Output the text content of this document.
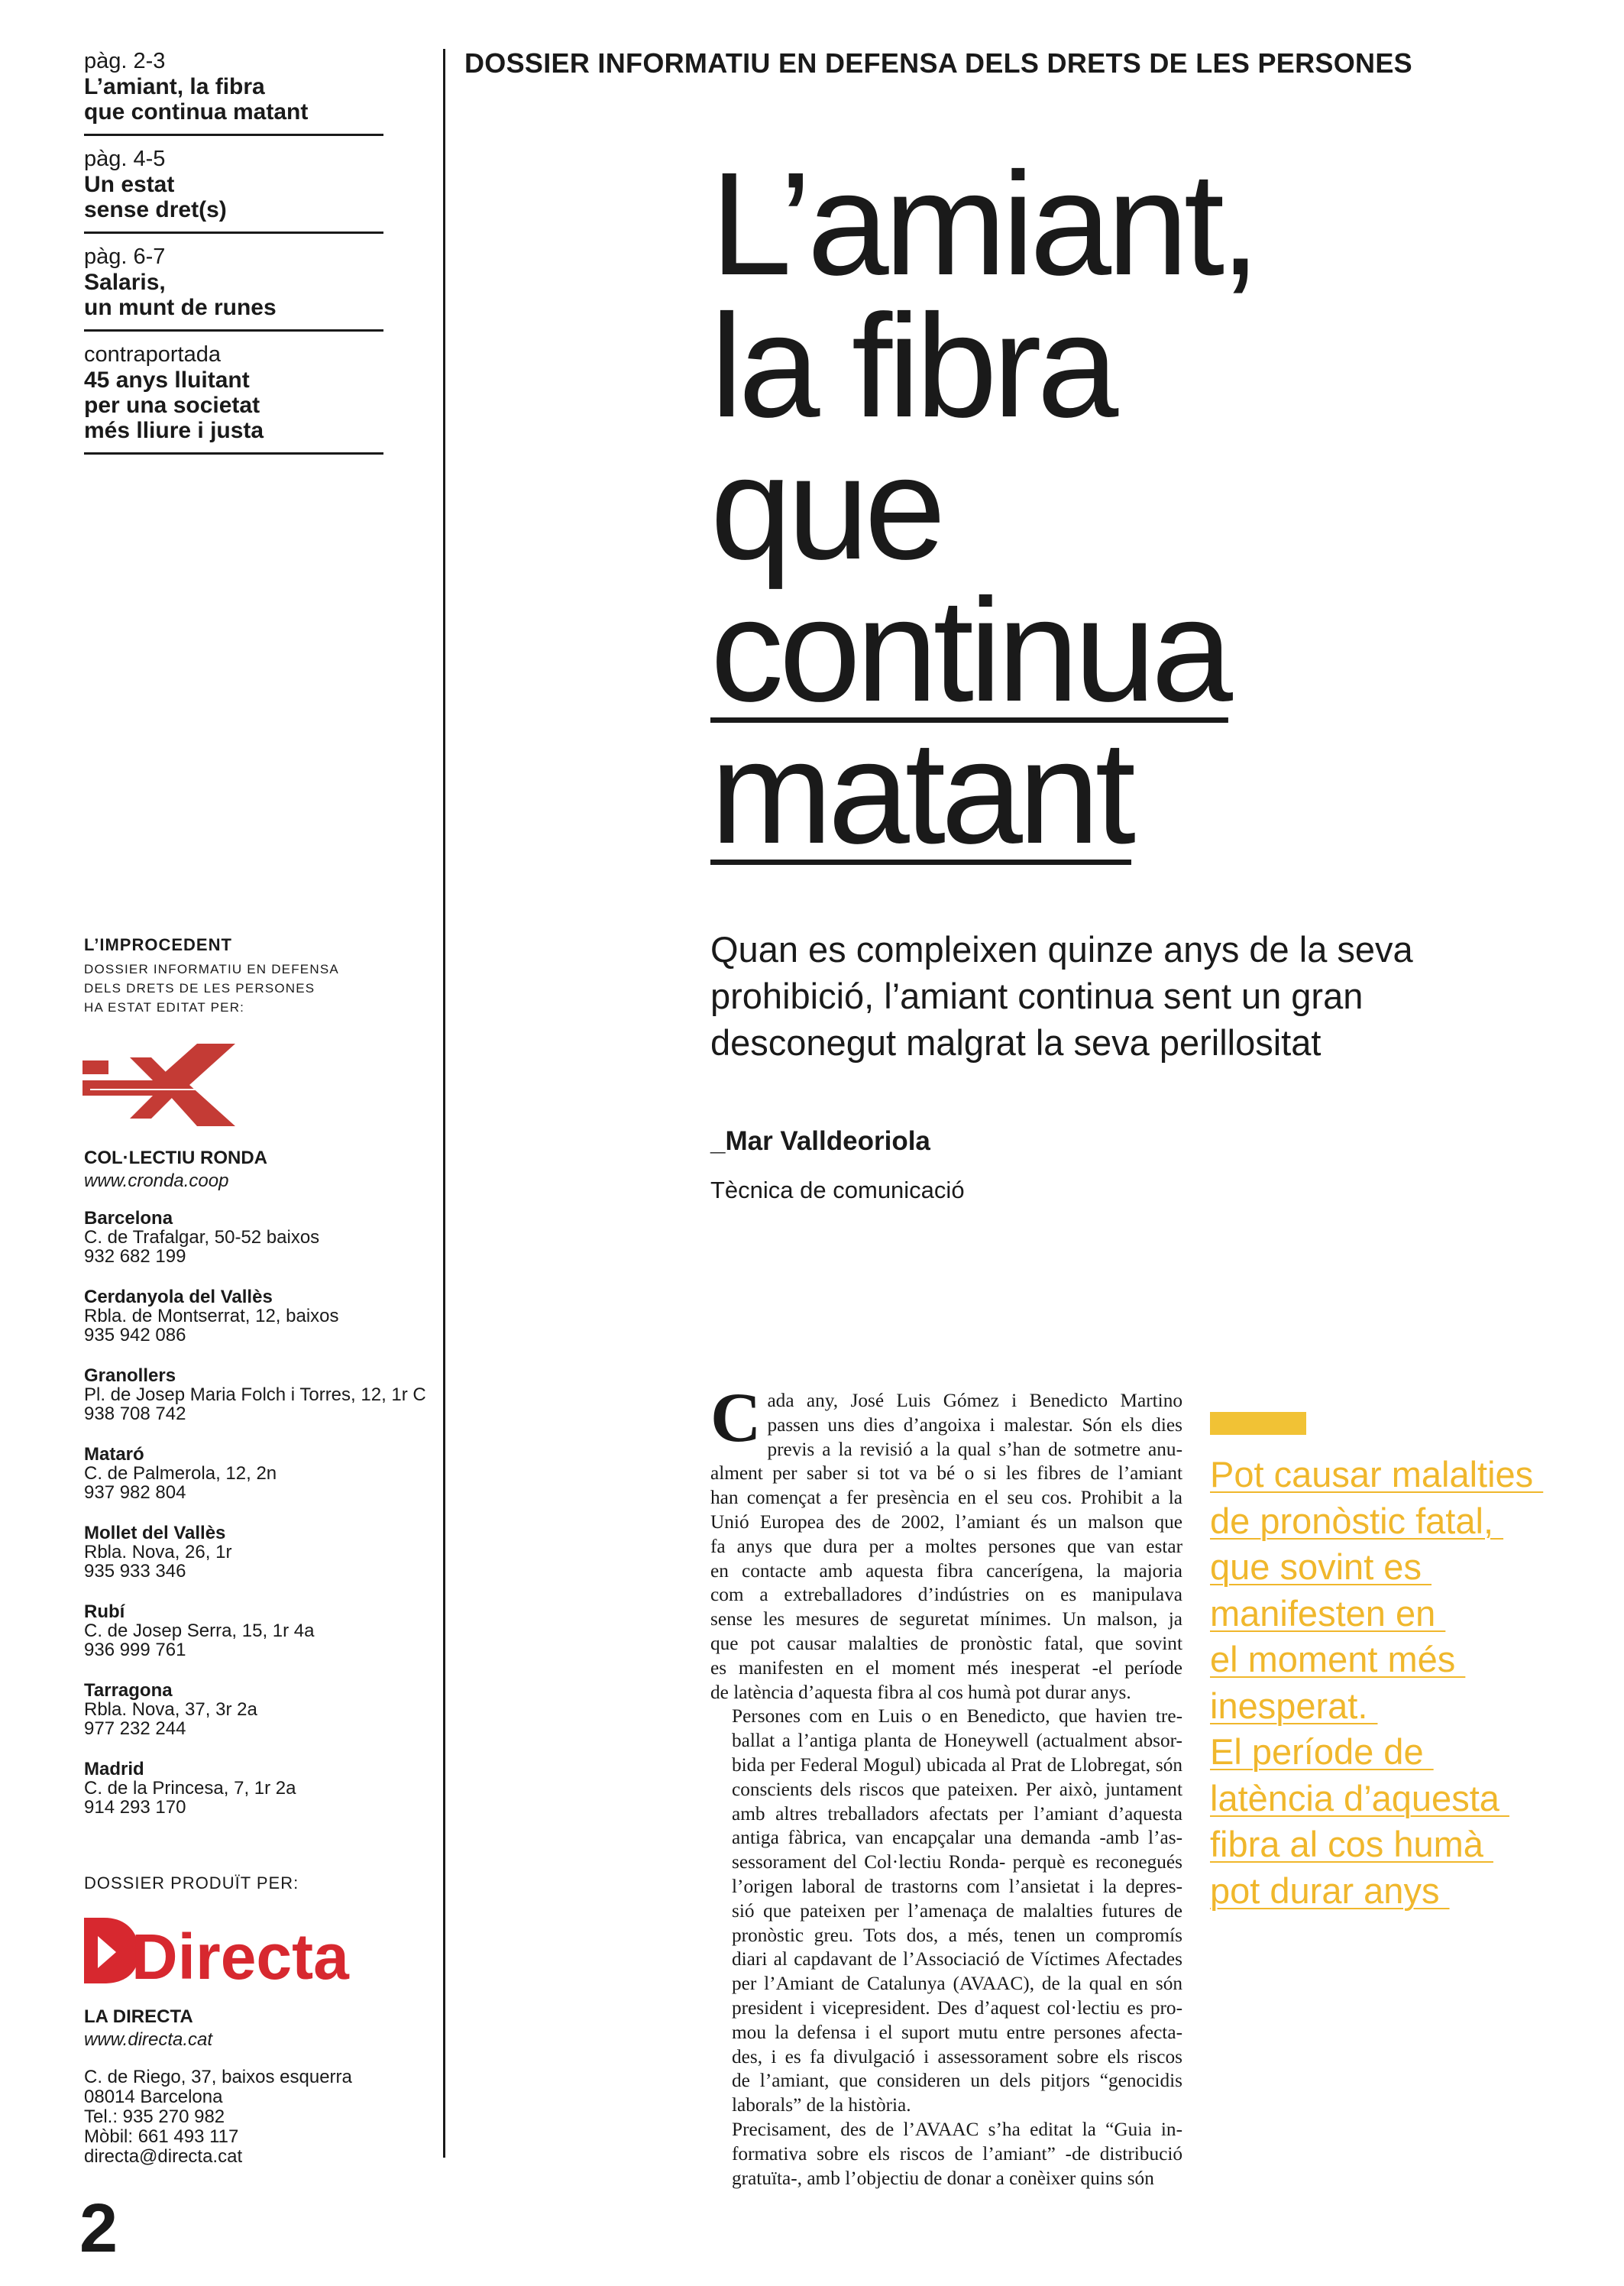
pàg. 2-3
L’amiant, la fibra
que continua matant
pàg. 4-5
Un estat
sense dret(s)
pàg. 6-7
Salaris,
un munt de runes
contraportada
45 anys lluitant
per una societat
més lliure i justa
L’IMPROCEDENT
DOSSIER INFORMATIU EN DEFENSA
DELS DRETS DE LES PERSONES
HA ESTAT EDITAT PER:
COL·LECTIU RONDA
www.cronda.coop
Barcelona
C. de Trafalgar, 50-52 baixos
932 682 199
Cerdanyola del Vallès
Rbla. de Montserrat, 12, baixos
935 942 086
Granollers
Pl. de Josep Maria Folch i Torres, 12, 1r C
938 708 742
Mataró
C. de Palmerola, 12, 2n
937 982 804
Mollet del Vallès
Rbla. Nova, 26, 1r
935 933 346
Rubí
C. de Josep Serra, 15, 1r 4a
936 999 761
Tarragona
Rbla. Nova, 37, 3r 2a
977 232 244
Madrid
C. de la Princesa, 7, 1r 2a
914 293 170
DOSSIER PRODUÏT PER:
Directa
LA DIRECTA
www.directa.cat
C. de Riego, 37, baixos esquerra
08014 Barcelona
Tel.: 935 270 982
Mòbil: 661 493 117
directa@directa.cat
2
DOSSIER INFORMATIU EN DEFENSA DELS DRETS DE LES PERSONES
L’amiant,
la fibra
que
continua
matant
Quan es compleixen quinze anys de la seva
prohibició, l’amiant continua sent un gran
desconegut malgrat la seva perillositat
_Mar Valldeoriola
Tècnica de comunicació

C ada any, José Luis Gómez i Benedicto Martino
passen uns dies d’angoixa i malestar. Són els dies
previs a la revisió a la qual s’han de sotmetre anu-
alment per saber si tot va bé o si les fibres de l’amiant
han començat a fer presència en el seu cos. Prohibit a la
Unió Europea des de 2002, l’amiant és un malson que
fa anys que dura per a moltes persones que van estar
en contacte amb aquesta fibra cancerígena, la majoria
com a extreballadores d’indústries on es manipulava
sense les mesures de seguretat mínimes. Un malson, ja
que pot causar malalties de pronòstic fatal, que sovint
es manifesten en el moment més inesperat -el període
de latència d’aquesta fibra al cos humà pot durar anys.

Persones com en Luis o en Benedicto, que havien tre-
ballat a l’antiga planta de Honeywell (actualment absor-
bida per Federal Mogul) ubicada al Prat de Llobregat, són
conscients dels riscos que pateixen. Per això, juntament
amb altres treballadors afectats per l’amiant d’aquesta
antiga fàbrica, van encapçalar una demanda -amb l’as-
sessorament del Col·lectiu Ronda- perquè es reconegués
l’origen laboral de trastorns com l’ansietat i la depres-
sió que pateixen per l’amenaça de malalties futures de
pronòstic greu. Tots dos, a més, tenen un compromís
diari al capdavant de l’Associació de Víctimes Afectades
per l’Amiant de Catalunya (AVAAC), de la qual en són
president i vicepresident. Des d’aquest col·lectiu es pro-
mou la defensa i el suport mutu entre persones afecta-
des, i es fa divulgació i assessorament sobre els riscos
de l’amiant, que consideren un dels pitjors “genocidis
laborals” de la història.

Precisament, des de l’AVAAC s’ha editat la “Guia in-
formativa sobre els riscos de l’amiant” -de distribució
gratuïta-, amb l’objectiu de donar a conèixer quins són

Pot causar malalties
de pronòstic fatal,
que sovint es
manifesten en
el moment més
inesperat.
El període de
latència d’aquesta
fibra al cos humà
pot durar anys
